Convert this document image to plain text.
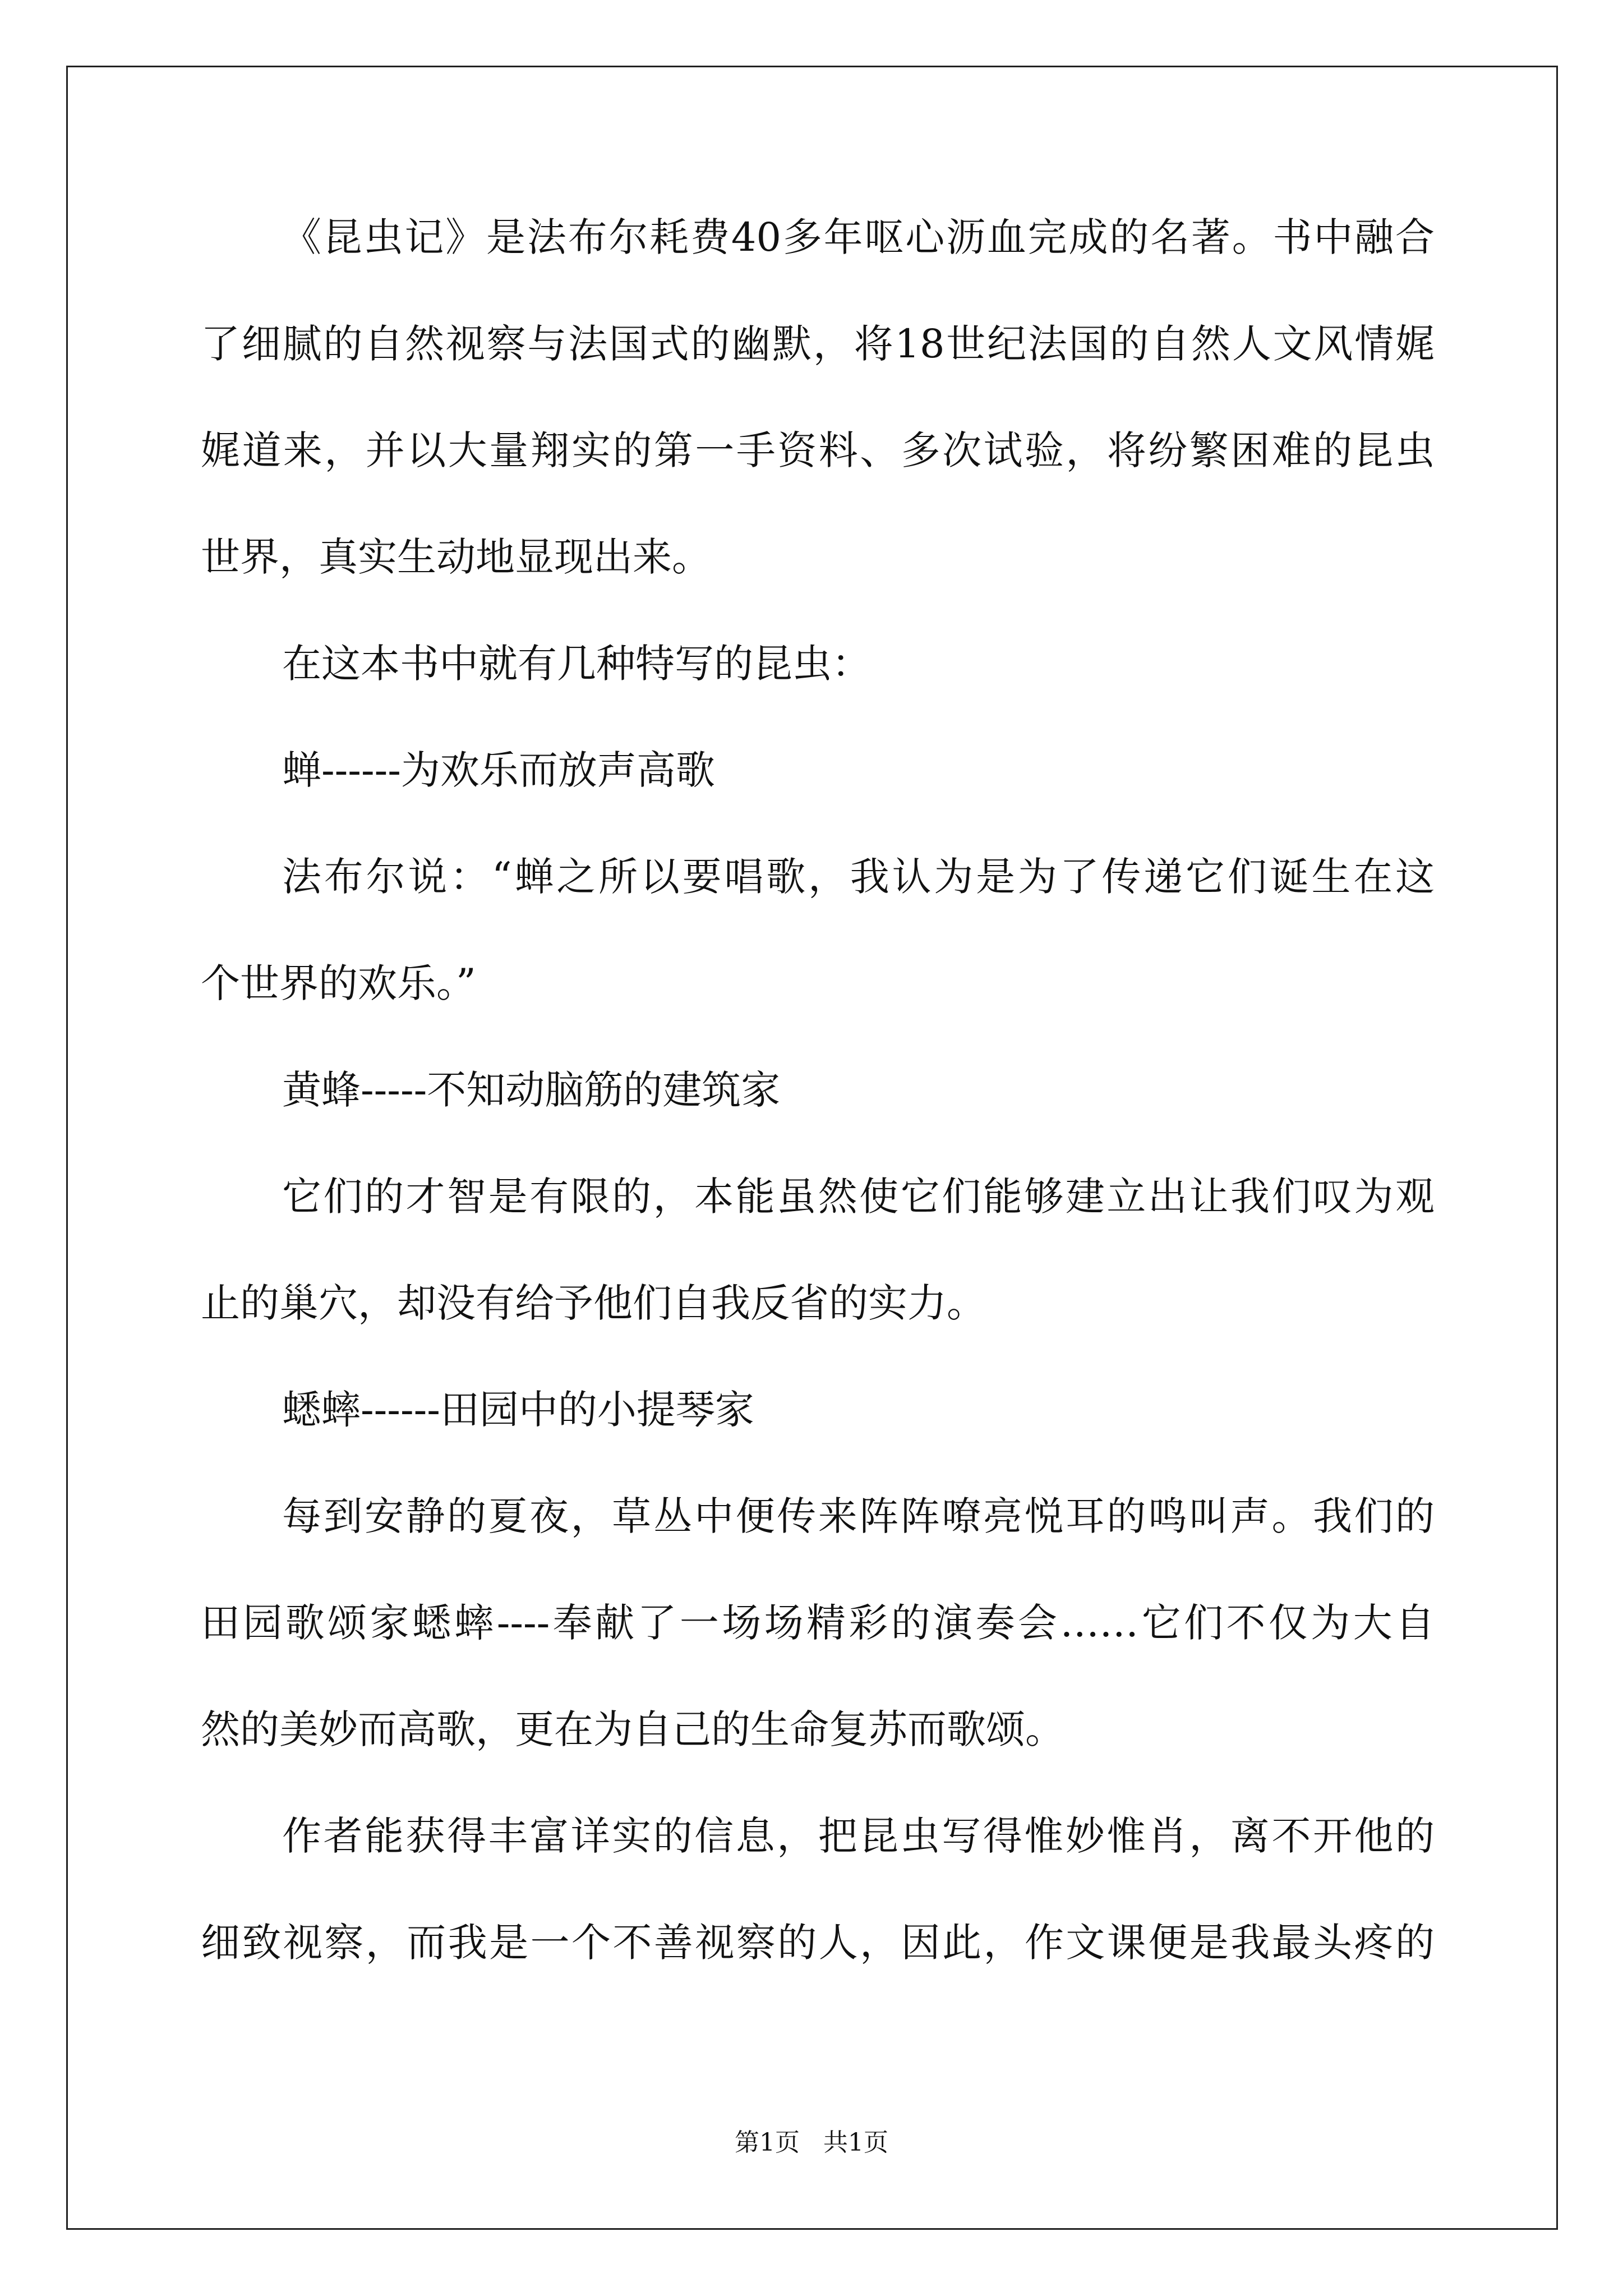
《昆虫记》是法布尔耗费40多年呕心沥血完成的名著。书中融合
了细腻的自然视察与法国式的幽默，将18世纪法国的自然人文风情娓
娓道来，并以大量翔实的第一手资料、多次试验，将纷繁困难的昆虫
世界，真实生动地显现出来。
在这本书中就有几种特写的昆虫：
蝉------为欢乐而放声高歌
法布尔说：“蝉之所以要唱歌，我认为是为了传递它们诞生在这
个世界的欢乐。”
黄蜂-----不知动脑筋的建筑家
它们的才智是有限的，本能虽然使它们能够建立出让我们叹为观
止的巢穴，却没有给予他们自我反省的实力。
蟋蟀------田园中的小提琴家
每到安静的夏夜，草丛中便传来阵阵嘹亮悦耳的鸣叫声。我们的
田园歌颂家蟋蟀----奉献了一场场精彩的演奏会……它们不仅为大自
然的美妙而高歌，更在为自己的生命复苏而歌颂。
作者能获得丰富详实的信息，把昆虫写得惟妙惟肖，离不开他的
细致视察，而我是一个不善视察的人，因此，作文课便是我最头疼的
第1页   共1页
